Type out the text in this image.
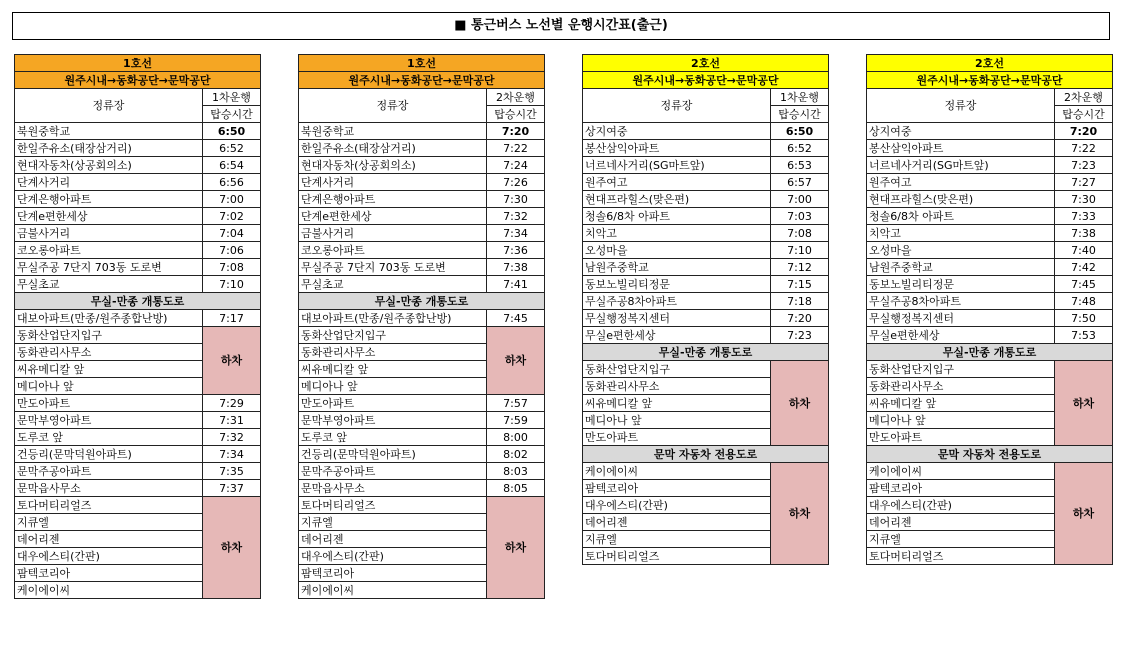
■ 통근버스 노선별 운행시간표(출근)
1호선	
원주시내→동화공단→문막공단	
정류장	1차운행
	탑승시간
북원중학교	6:50
한일주유소(태장삼거리)	6:52
현대자동차(상공회의소)	6:54
단계사거리	6:56
단계은행아파트	7:00
단계e편한세상	7:02
금불사거리	7:04
코오롱아파트	7:06
무실주공 7단지 703동 도로변	7:08
무실초교	7:10
무실-만종 개통도로	
대보아파트(만종/원주종합난방)	7:17
동화산업단지입구	하차
동화관리사무소	
씨유메디칼 앞	
메디아나 앞	
만도아파트	7:29
문막부영아파트	7:31
도루코 앞	7:32
건등리(문막덕원아파트)	7:34
문막주공아파트	7:35
문막읍사무소	7:37
토다머티리얼즈	하차
지큐엘	
데어리젠	
대우에스티(간판)	
팜텍코리아	
케이에이씨	
1호선	
원주시내→동화공단→문막공단	
정류장	2차운행
	탑승시간
북원중학교	7:20
한일주유소(태장삼거리)	7:22
현대자동차(상공회의소)	7:24
단계사거리	7:26
단계은행아파트	7:30
단계e편한세상	7:32
금불사거리	7:34
코오롱아파트	7:36
무실주공 7단지 703동 도로변	7:38
무실초교	7:41
무실-만종 개통도로	
대보아파트(만종/원주종합난방)	7:45
동화산업단지입구	하차
동화관리사무소	
씨유메디칼 앞	
메디아나 앞	
만도아파트	7:57
문막부영아파트	7:59
도루코 앞	8:00
건등리(문막덕원아파트)	8:02
문막주공아파트	8:03
문막읍사무소	8:05
토다머티리얼즈	하차
지큐엘	
데어리젠	
대우에스티(간판)	
팜텍코리아	
케이에이씨	
2호선	
원주시내→동화공단→문막공단	
정류장	1차운행
	탑승시간
상지여중	6:50
봉산삼익아파트	6:52
너르네사거리(SG마트앞)	6:53
원주여고	6:57
현대프라힐스(맞은편)	7:00
청솔6/8차 아파트	7:03
치악고	7:08
오성마을	7:10
남원주중학교	7:12
동보노빌리티정문	7:15
무실주공8차아파트	7:18
무실행정복지센터	7:20
무실e편한세상	7:23
무실-만종 개통도로	
동화산업단지입구	하차
동화관리사무소	
씨유메디칼 앞	
메디아나 앞	
만도아파트	
문막 자동차 전용도로	
케이에이씨	하차
팜텍코리아	
대우에스티(간판)	
데어리젠	
지큐엘	
토다머티리얼즈	
2호선	
원주시내→동화공단→문막공단	
정류장	2차운행
	탑승시간
상지여중	7:20
봉산삼익아파트	7:22
너르네사거리(SG마트앞)	7:23
원주여고	7:27
현대프라힐스(맞은편)	7:30
청솔6/8차 아파트	7:33
치악고	7:38
오성마을	7:40
남원주중학교	7:42
동보노빌리티정문	7:45
무실주공8차아파트	7:48
무실행정복지센터	7:50
무실e편한세상	7:53
무실-만종 개통도로	
동화산업단지입구	하차
동화관리사무소	
씨유메디칼 앞	
메디아나 앞	
만도아파트	
문막 자동차 전용도로	
케이에이씨	하차
팜텍코리아	
대우에스티(간판)	
데어리젠	
지큐엘	
토다머티리얼즈	
